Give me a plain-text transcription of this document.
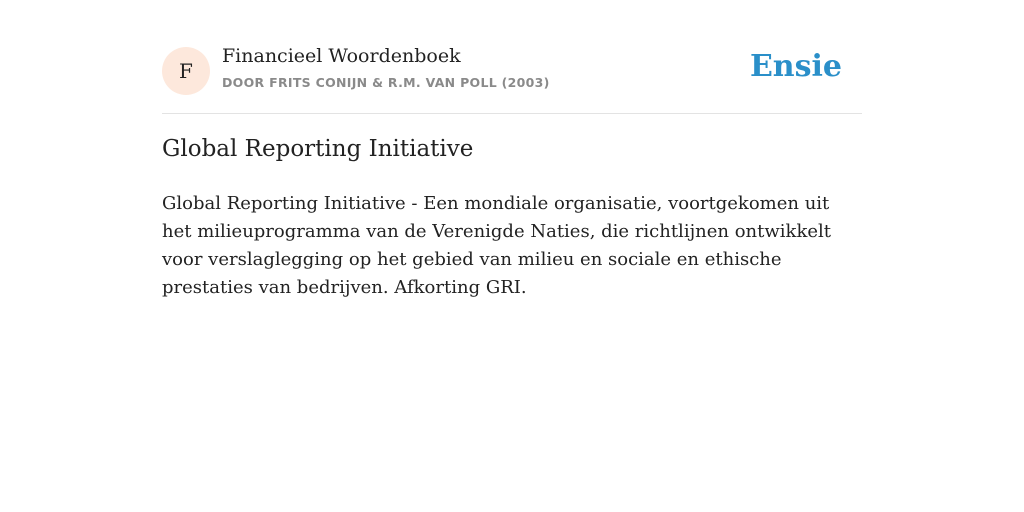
F
Financieel Woordenboek
DOOR FRITS CONIJN & R.M. VAN POLL (2003)	Ensie
Global Reporting Initiative
Global Reporting Initiative - Een mondiale organisatie, voortgekomen uit het milieuprogramma van de Verenigde Naties, die richtlijnen ontwikkelt voor verslaglegging op het gebied van milieu en sociale en ethische prestaties van bedrijven. Afkorting GRI.
